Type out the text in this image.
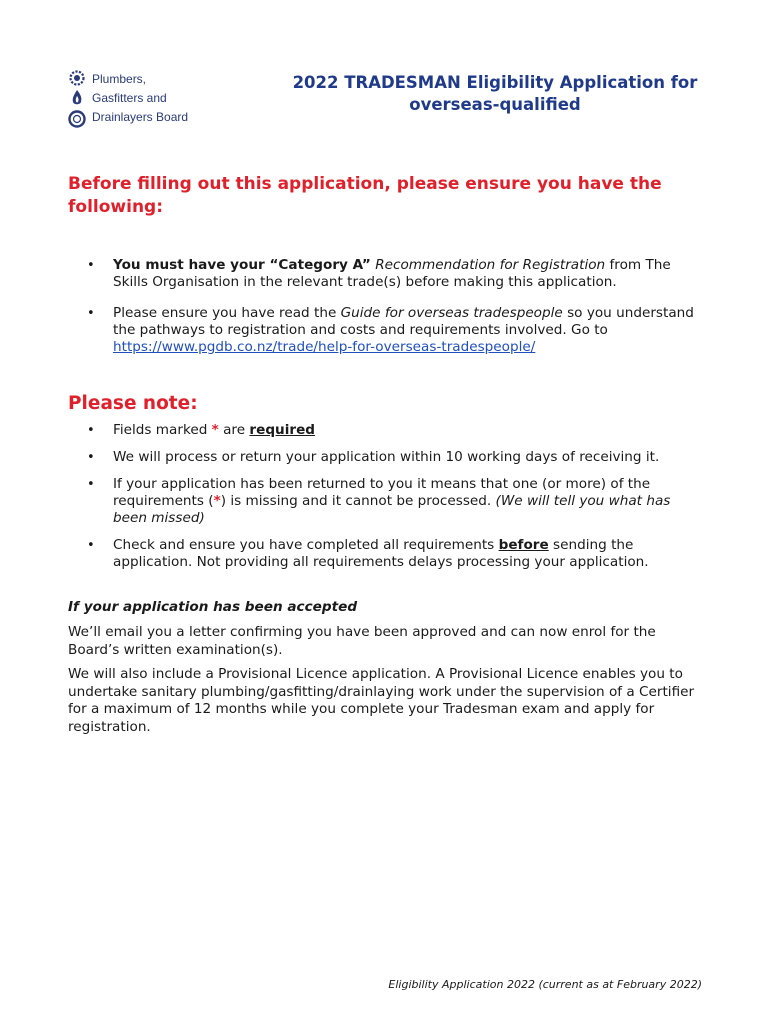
Plumbers,
Gasfitters and
Drainlayers Board
2022 TRADESMAN Eligibility Application for
overseas-qualified
Before filling out this application, please ensure you have the following:
• You must have your “Category A” Recommendation for Registration from The Skills Organisation in the relevant trade(s) before making this application.
• Please ensure you have read the Guide for overseas tradespeople so you understand the pathways to registration and costs and requirements involved. Go to https://www.pgdb.co.nz/trade/help-for-overseas-tradespeople/
Please note:
• Fields marked * are required
• We will process or return your application within 10 working days of receiving it.
• If your application has been returned to you it means that one (or more) of the requirements (*) is missing and it cannot be processed. (We will tell you what has been missed)
• Check and ensure you have completed all requirements before sending the application. Not providing all requirements delays processing your application.
If your application has been accepted

We’ll email you a letter confirming you have been approved and can now enrol for the Board’s written examination(s).

We will also include a Provisional Licence application. A Provisional Licence enables you to undertake sanitary plumbing/gasfitting/drainlaying work under the supervision of a Certifier for a maximum of 12 months while you complete your Tradesman exam and apply for registration.

Eligibility Application 2022 (current as at February 2022)
